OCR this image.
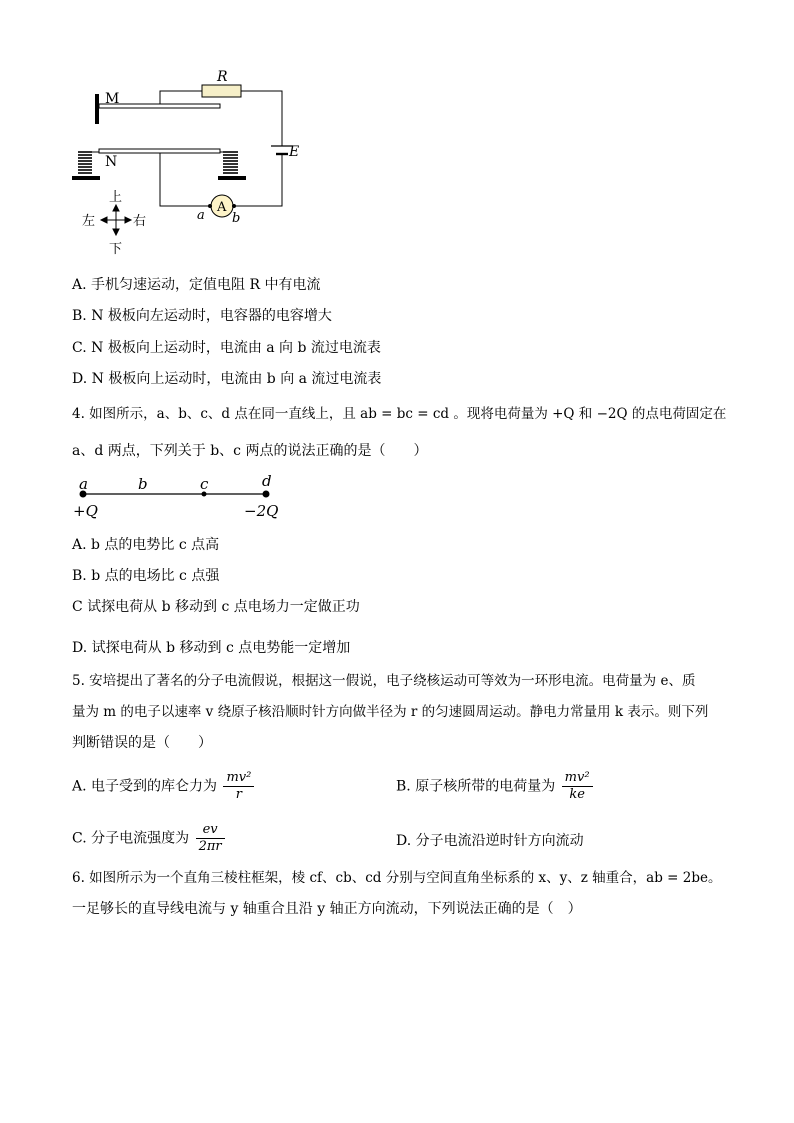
R
M
N
E
A
a b
上
下
左	右
A. 手机匀速运动，定值电阻 R 中有电流
B. N 极板向左运动时，电容器的电容增大
C. N 极板向上运动时，电流由 a 向 b 流过电流表
D. N 极板向上运动时，电流由 b 向 a 流过电流表
4. 如图所示，a、b、c、d 点在同一直线上，且 ab = bc = cd 。现将电荷量为 +Q 和 −2Q 的点电荷固定在
a、d 两点，下列关于 b、c 两点的说法正确的是（　　）
a	b	c	d
+Q	−2Q
A. b 点的电势比 c 点高
B. b 点的电场比 c 点强
C 试探电荷从 b 移动到 c 点电场力一定做正功
D. 试探电荷从 b 移动到 c 点电势能一定增加
5. 安培提出了著名的分子电流假说，根据这一假说，电子绕核运动可等效为一环形电流。电荷量为 e、质
量为 m 的电子以速率 v 绕原子核沿顺时针方向做半径为 r 的匀速圆周运动。静电力常量用 k 表示。则下列
判断错误的是（　　）
A. 电子受到的库仑力为 $\frac{\text{mv²}}{r}$	B. 原子核所带的电荷量为 $\frac{\text{mv²}}{ke}$
C. 分子电流强度为 $\frac{ev}{2\pi r}$	D. 分子电流沿逆时针方向流动
6. 如图所示为一个直角三棱柱框架，棱 cf、cb、cd 分别与空间直角坐标系的 x、y、z 轴重合，ab = 2be。
一足够长的直导线电流与 y 轴重合且沿 y 轴正方向流动，下列说法正确的是（　）
